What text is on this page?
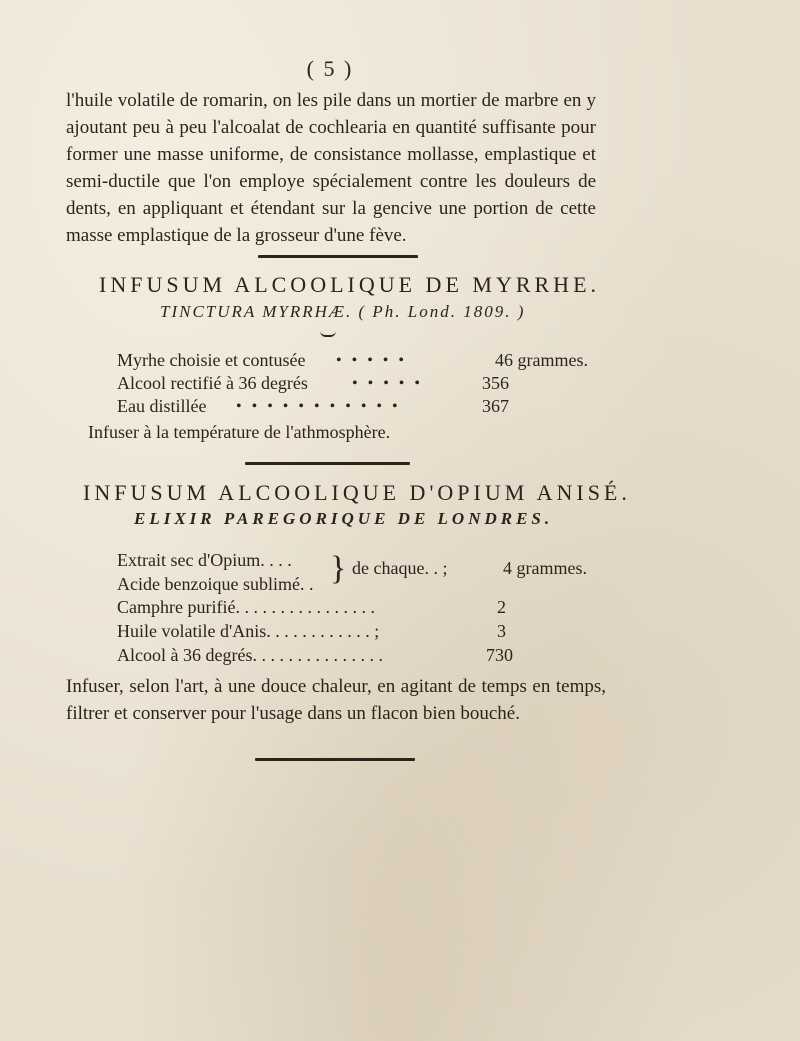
( 5 )
l'huile volatile de romarin, on les pile dans un mortier de marbre en y ajoutant peu à peu l'alcoalat de cochlearia en quantité suffisante pour former une masse uniforme, de consistance mollasse, emplastique et semi-ductile que l'on employe spécialement contre les douleurs de dents, en appliquant et étendant sur la gencive une portion de cette masse emplastique de la grosseur d'une fève.
INFUSUM ALCOOLIQUE DE MYRRHE.
TINCTURA MYRRHÆ. ( Ph. Lond. 1809. )
Myrhe choisie et contusée • • • • •	46 grammes.
Alcool rectifié à 36 degrés	• • • • •	356
Eau distillée • • • • • • • • • • •	367
Infuser à la température de l'athmosphère.
INFUSUM ALCOOLIQUE D'OPIUM ANISÉ.
ELIXIR PAREGORIQUE DE LONDRES.
Extrait sec d'Opium. . . .
Acide benzoique sublimé. . } de chaque. . ;	4 grammes.
Camphre purifié. . . . . . . . . . . . . . . .	2
Huile volatile d'Anis. . . . . . . . . . . . ;	3
Alcool à 36 degrés. . . . . . . . . . . . . . .	730
Infuser, selon l'art, à une douce chaleur, en agitant de temps en temps, filtrer et conserver pour l'usage dans un flacon bien bouché.
